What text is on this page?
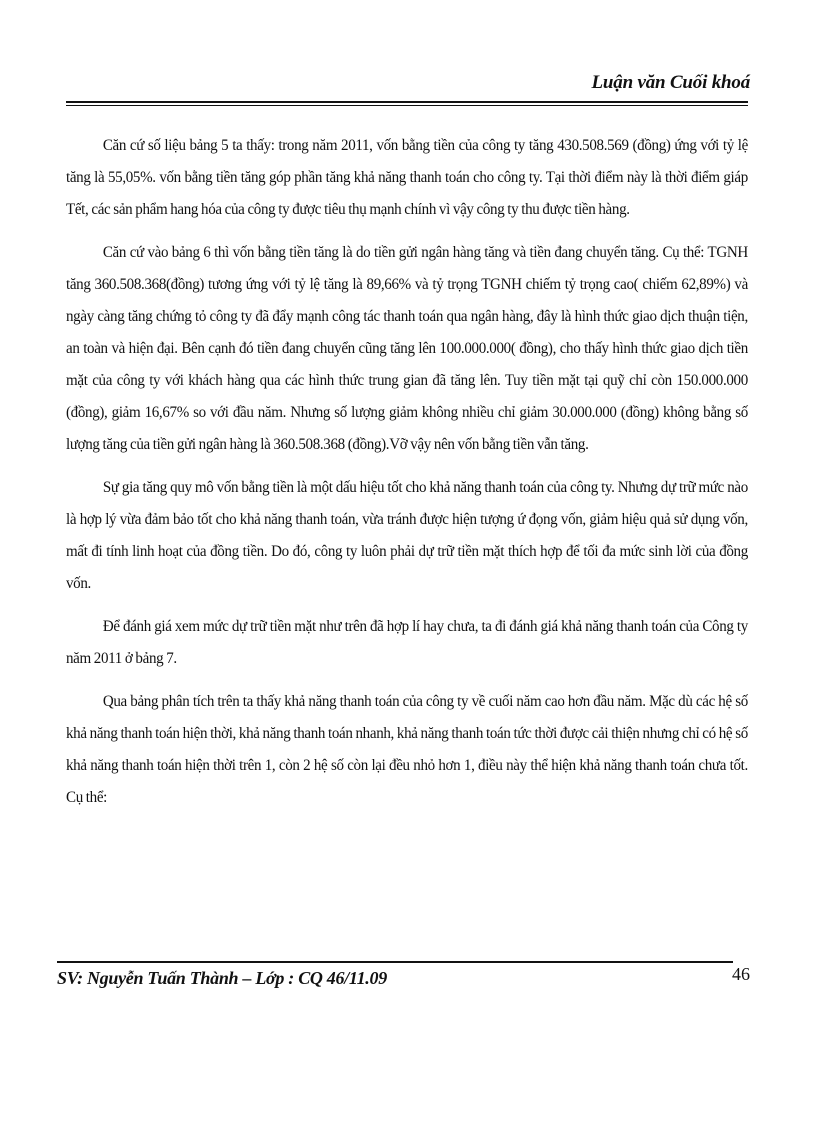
Luận văn Cuối khoá

Căn cứ số liệu bảng 5 ta thấy: trong năm 2011, vốn bằng tiền của công ty tăng 430.508.569 (đồng) ứng với tỷ lệ tăng là 55,05%. vốn bằng tiền tăng góp phần tăng khả năng thanh toán cho công ty. Tại thời điểm này là thời điểm giáp Tết, các sản phẩm hang hóa của công ty được tiêu thụ mạnh chính vì vậy công ty thu được tiền hàng.

Căn cứ vào bảng 6 thì vốn bằng tiền tăng là do tiền gửi ngân hàng tăng và tiền đang chuyển tăng. Cụ thể: TGNH tăng 360.508.368(đồng) tương ứng với tỷ lệ tăng là 89,66% và tỷ trọng TGNH chiếm tỷ trọng cao( chiếm 62,89%) và ngày càng tăng chứng tỏ công ty đã đẩy mạnh công tác thanh toán qua ngân hàng, đây là hình thức giao dịch thuận tiện, an toàn và hiện đại. Bên cạnh đó tiền đang chuyển cũng tăng lên 100.000.000( đồng), cho thấy hình thức giao dịch tiền mặt của công ty với khách hàng qua các hình thức trung gian đã tăng lên. Tuy tiền mặt tại quỹ chỉ còn 150.000.000 (đồng), giảm 16,67% so với đầu năm. Nhưng số lượng giảm không nhiều chỉ giảm 30.000.000 (đồng) không bằng số lượng tăng của tiền gửi ngân hàng là 360.508.368 (đồng).Vỡ vậy nên vốn bằng tiền vẫn tăng.

Sự gia tăng quy mô vốn bằng tiền là một dấu hiệu tốt cho khả năng thanh toán của công ty. Nhưng dự trữ mức nào là hợp lý vừa đảm bảo tốt cho khả năng thanh toán, vừa tránh được hiện tượng ứ đọng vốn, giảm hiệu quả sử dụng vốn, mất đi tính linh hoạt của đồng tiền. Do đó, công ty luôn phải dự trữ tiền mặt thích hợp để tối đa mức sinh lời của đồng vốn.

Để đánh giá xem mức dự trữ tiền mặt như trên đã hợp lí hay chưa, ta đi đánh giá khả năng thanh toán của Công ty năm 2011 ở bảng 7.

Qua bảng phân tích trên ta thấy khả năng thanh toán của công ty về cuối năm cao hơn đầu năm. Mặc dù các hệ số khả năng thanh toán hiện thời, khả năng thanh toán nhanh, khả năng thanh toán tức thời được cải thiện nhưng chỉ có hệ số khả năng thanh toán hiện thời trên 1, còn 2 hệ số còn lại đều nhỏ hơn 1, điều này thể hiện khả năng thanh toán chưa tốt. Cụ thể:

SV: Nguyễn Tuấn Thành – Lớp : CQ 46/11.09	46
